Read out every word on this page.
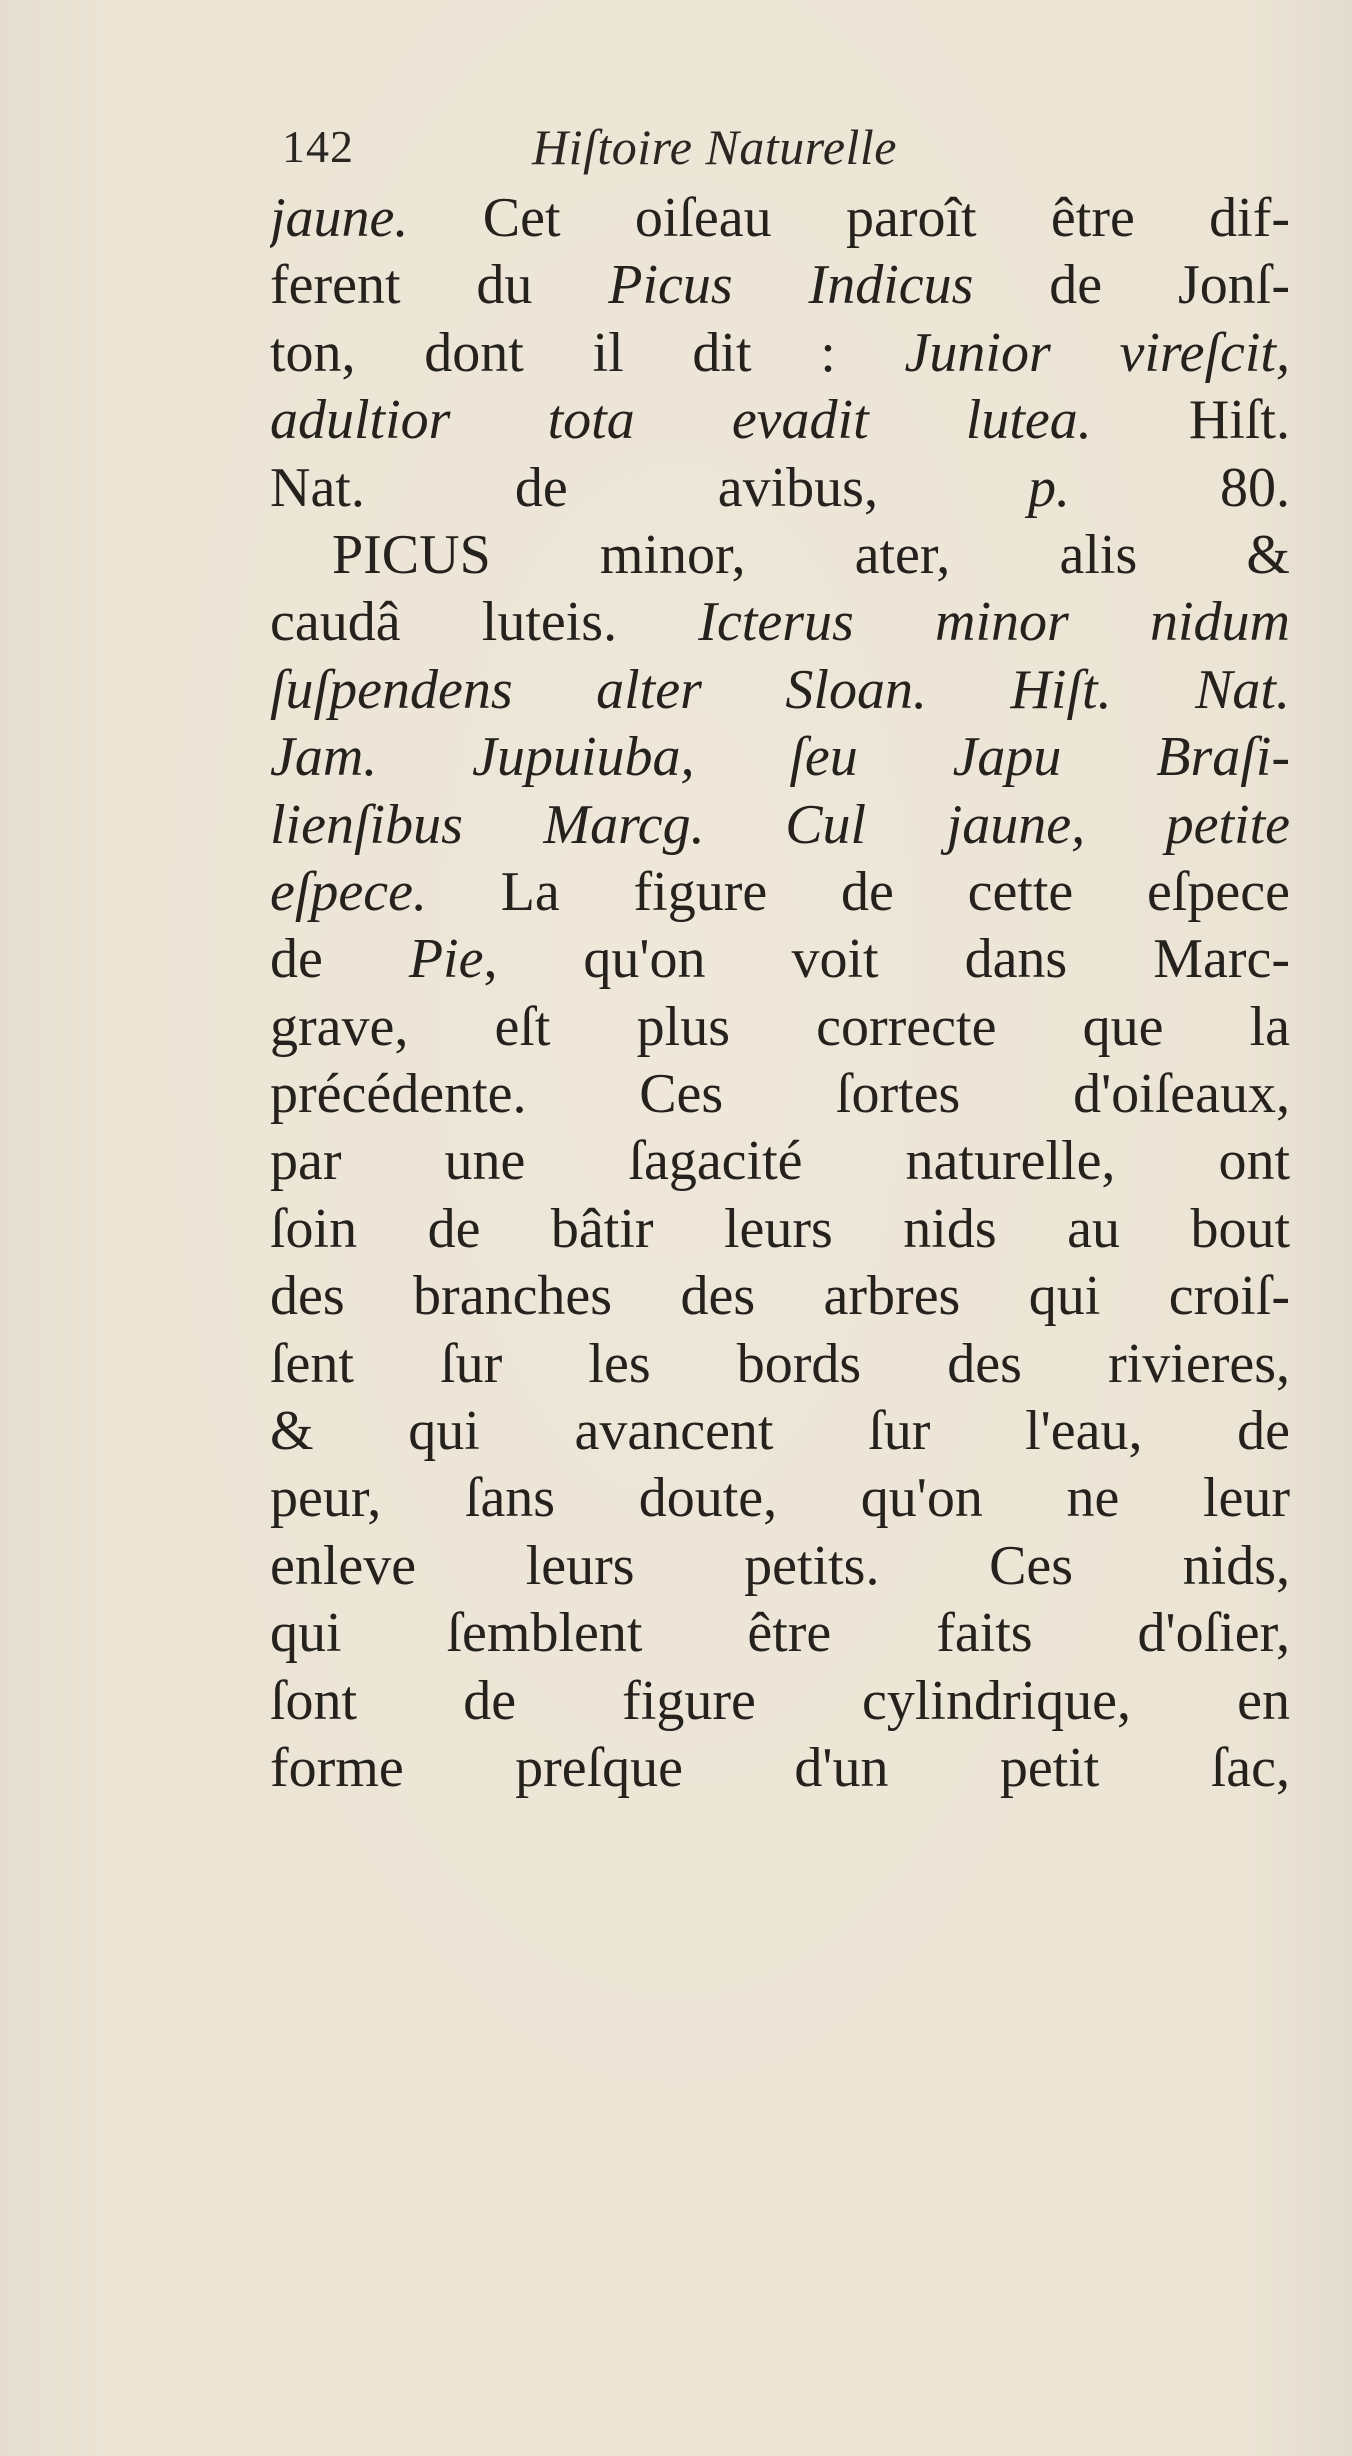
142	Hiſtoire Naturelle
jaune. Cet oiſeau paroît être dif-
ferent du Picus Indicus de Jonſ-
ton, dont il dit : Junior vireſcit,
adultior tota evadit lutea. Hiſt.
Nat. de avibus, p. 80.
PICUS minor, ater, alis &
caudâ luteis. Icterus minor nidum
ſuſpendens alter Sloan. Hiſt. Nat.
Jam. Jupuiuba, ſeu Japu Braſi-
lienſibus Marcg. Cul jaune, petite
eſpece. La figure de cette eſpece
de Pie, qu'on voit dans Marc-
grave, eſt plus correcte que la
précédente. Ces ſortes d'oiſeaux,
par une ſagacité naturelle, ont
ſoin de bâtir leurs nids au bout
des branches des arbres qui croiſ-
ſent ſur les bords des rivieres,
& qui avancent ſur l'eau, de
peur, ſans doute, qu'on ne leur
enleve leurs petits. Ces nids,
qui ſemblent être faits d'oſier,
ſont de figure cylindrique, en
forme preſque d'un petit ſac,
